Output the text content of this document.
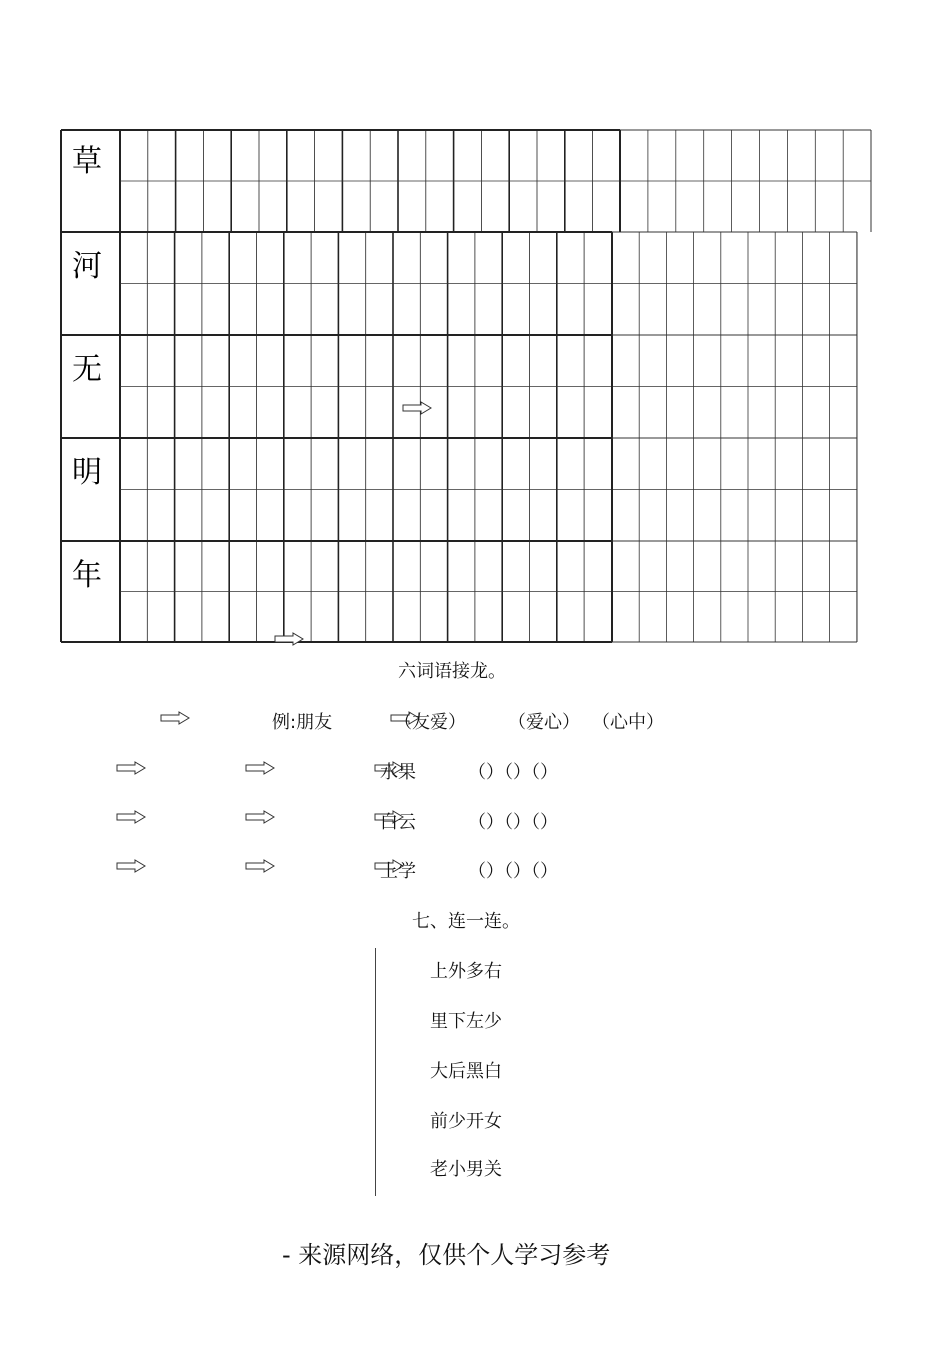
草
河
无
明
年
六词语接龙。
例:朋友	（友爱） （爱心） （心中）
水果	（）（）（）
白云	（）（）（）
上学	（）（）（）
七、连一连。
上外多右
里下左少
大后黑白
前少开女
老小男关
- 来源网络，仅供个人学习参考
